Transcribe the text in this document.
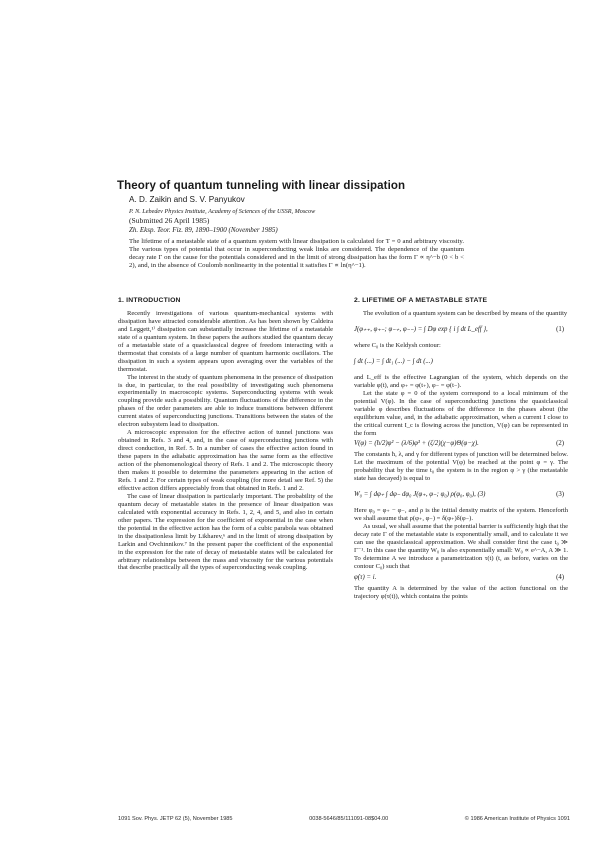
Theory of quantum tunneling with linear dissipation
A. D. Zaikin and S. V. Panyukov
P. N. Lebedev Physics Institute, Academy of Sciences of the USSR, Moscow
(Submitted 26 April 1985)
Zh. Eksp. Teor. Fiz. 89, 1890–1900 (November 1985)

The lifetime of a metastable state of a quantum system with linear dissipation is calculated for T = 0 and arbitrary viscosity. The various types of potential that occur in superconducting weak links are considered. The dependence of the quantum decay rate Γ on the cause for the potentials considered and in the limit of strong dissipation has the form Γ ∝ η^−b (0 < b < 2), and, in the absence of Coulomb nonlinearity in the potential it satisfies Γ ∝ ln(η^−1).

1. INTRODUCTION

Recently investigations of various quantum-mechanical systems with dissipation have attracted considerable attention. As has been shown by Caldeira and Leggett,¹⁾ dissipation can substantially increase the lifetime of a metastable state of a quantum system. In these papers the authors studied the quantum decay of a metastable state of a quasiclassical degree of freedom interacting with a thermostat that consists of a large number of quantum harmonic oscillators. The dissipation in such a system appears upon averaging over the variables of the thermostat.

The interest in the study of quantum phenomena in the presence of dissipation is due, in particular, to the real possibility of investigating such phenomena experimentally in macroscopic systems. Superconducting systems with weak coupling provide such a possibility. Quantum fluctuations of the difference in the phases of the order parameters are able to induce transitions between different current states of superconducting junctions. Transitions between the states of the electron subsystem lead to dissipation.

A microscopic expression for the effective action of tunnel junctions was obtained in Refs. 3 and 4, and, in the case of superconducting junctions with direct conduction, in Ref. 5. In a number of cases the effective action found in these papers in the adiabatic approximation has the same form as the effective action of the phenomenological theory of Refs. 1 and 2. The microscopic theory then makes it possible to determine the parameters appearing in the action of Refs. 1 and 2. For certain types of weak coupling (for more detail see Ref. 5) the effective action differs appreciably from that obtained in Refs. 1 and 2.

The case of linear dissipation is particularly important. The probability of the quantum decay of metastable states in the presence of linear dissipation was calculated with exponential accuracy in Refs. 1, 2, 4, and 5, and also in certain other papers. The expression for the coefficient of exponential in the case when the potential in the effective action has the form of a cubic parabola was obtained in the dissipationless limit by Likharev,⁶ and in the limit of strong dissipation by Larkin and Ovchinnikov.⁷ In the present paper the coefficient of the exponential in the expression for the rate of decay of metastable states will be calculated for arbitrary relationships between the mass and viscosity for the various potentials that describe practically all the types of superconducting weak coupling.

2. LIFETIME OF A METASTABLE STATE

The evolution of a quantum system can be described by means of the quantity

J(φ₊₊, φ₊₋; φ₋₊, φ₋₋) = ∫ Dφ exp { i ∫ dt L_eff },	(1)

where C₀ is the Keldysh contour:

∫ dt (...) = ∫ dt₁ (...) − ∫ dt (...)

and L_eff is the effective Lagrangian of the system, which depends on the variable φ(t), and φ₊ = φ(t₊), φ₋ = φ(t₋).

Let the state φ = 0 of the system correspond to a local minimum of the potential V(φ). In the case of superconducting junctions the quasiclassical variable φ describes fluctuations of the difference in the phases about (the equilibrium value, and, in the adiabatic approximation, when a current I close to the critical current I_c is flowing across the junction, V(φ) can be represented in the form

V(φ) = (ħ/2)φ² − (λ/6)φ³ + (ζ/2)(χ−φ)Θ(φ−χ).	(2)

The constants ħ, λ, and γ for different types of junction will be determined below. Let the maximum of the potential V(φ) be reached at the point φ = γ. The probability that by the time t₀ the system is in the region φ > γ (the metastable state has decayed) is equal to

W₀ = ∫ dφ₊ ∫ dφ₋ dφ₀ J(φ₊, φ₋; φ₀) ρ(φ₀, φ₀), (3)	(3)

Here φ₀ = φ₊ − φ₋, and ρ is the initial density matrix of the system. Henceforth we shall assume that ρ(φ₊, φ₋) = δ(φ₊)δ(φ₋).

As usual, we shall assume that the potential barrier is sufficiently high that the decay rate Γ of the metastable state is exponentially small, and to calculate it we can use the quasiclassical approximation. We shall consider first the case t₀ ≫ Γ⁻¹. In this case the quantity W₀ is also exponentially small: W₀ ∝ e^−A, A ≫ 1. To determine A we introduce a parametrization τ(t) (t, as before, varies on the contour C₀) such that

φ̇(τ) = i.	(4)

The quantity A is determined by the value of the action functional on the trajectory φ(τ(t)), which contains the points

1091 Sov. Phys. JETP 62 (5), November 1985	0038-5646/85/111091-08$04.00	© 1986 American Institute of Physics 1091
